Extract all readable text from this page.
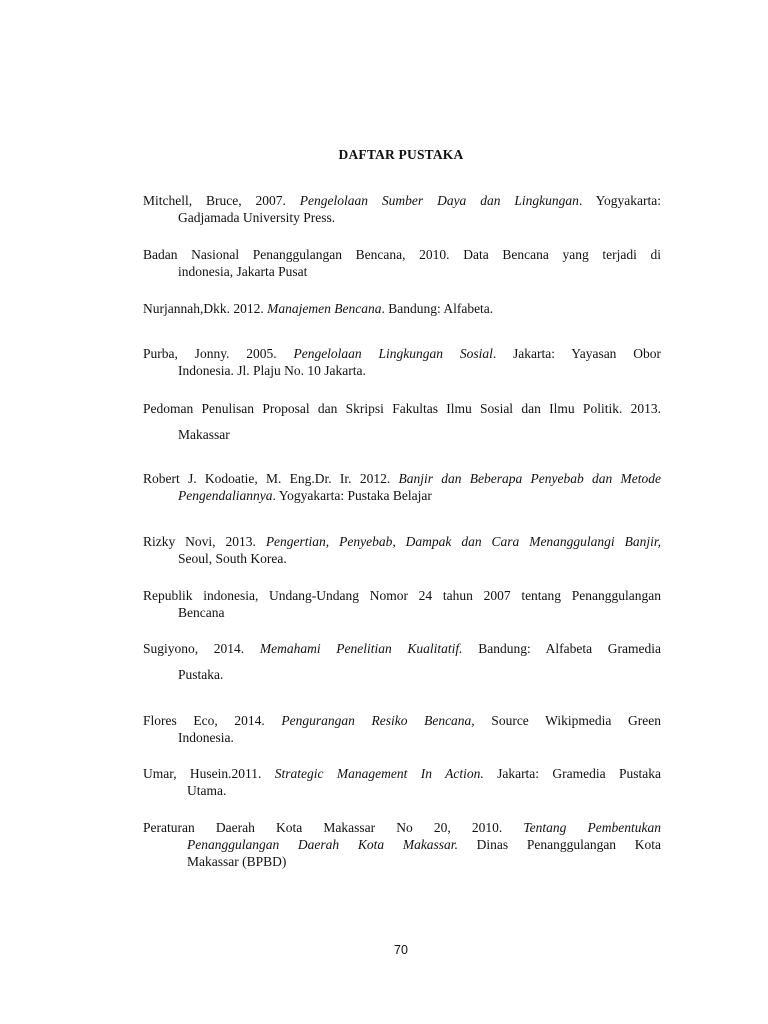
DAFTAR PUSTAKA
Mitchell, Bruce, 2007. Pengelolaan Sumber Daya dan Lingkungan. Yogyakarta:
Gadjamada University Press.
Badan Nasional Penanggulangan Bencana, 2010. Data Bencana yang terjadi di
indonesia, Jakarta Pusat
Nurjannah,Dkk. 2012. Manajemen Bencana. Bandung: Alfabeta.
Purba, Jonny. 2005. Pengelolaan Lingkungan Sosial. Jakarta: Yayasan Obor
Indonesia. Jl. Plaju No. 10 Jakarta.
Pedoman Penulisan Proposal dan Skripsi Fakultas Ilmu Sosial dan Ilmu Politik. 2013.
Makassar
Robert J. Kodoatie, M. Eng.Dr. Ir. 2012. Banjir dan Beberapa Penyebab dan Metode
Pengendaliannya. Yogyakarta: Pustaka Belajar
Rizky Novi, 2013. Pengertian, Penyebab, Dampak dan Cara Menanggulangi Banjir,
Seoul, South Korea.
Republik indonesia, Undang-Undang Nomor 24 tahun 2007 tentang Penanggulangan
Bencana
Sugiyono, 2014. Memahami Penelitian Kualitatif. Bandung: Alfabeta Gramedia
Pustaka.
Flores Eco, 2014. Pengurangan Resiko Bencana, Source Wikipmedia Green
Indonesia.
Umar, Husein.2011. Strategic Management In Action. Jakarta: Gramedia Pustaka
Utama.
Peraturan Daerah Kota Makassar No 20, 2010. Tentang Pembentukan
Penanggulangan Daerah Kota Makassar. Dinas Penanggulangan Kota
Makassar (BPBD)
70
